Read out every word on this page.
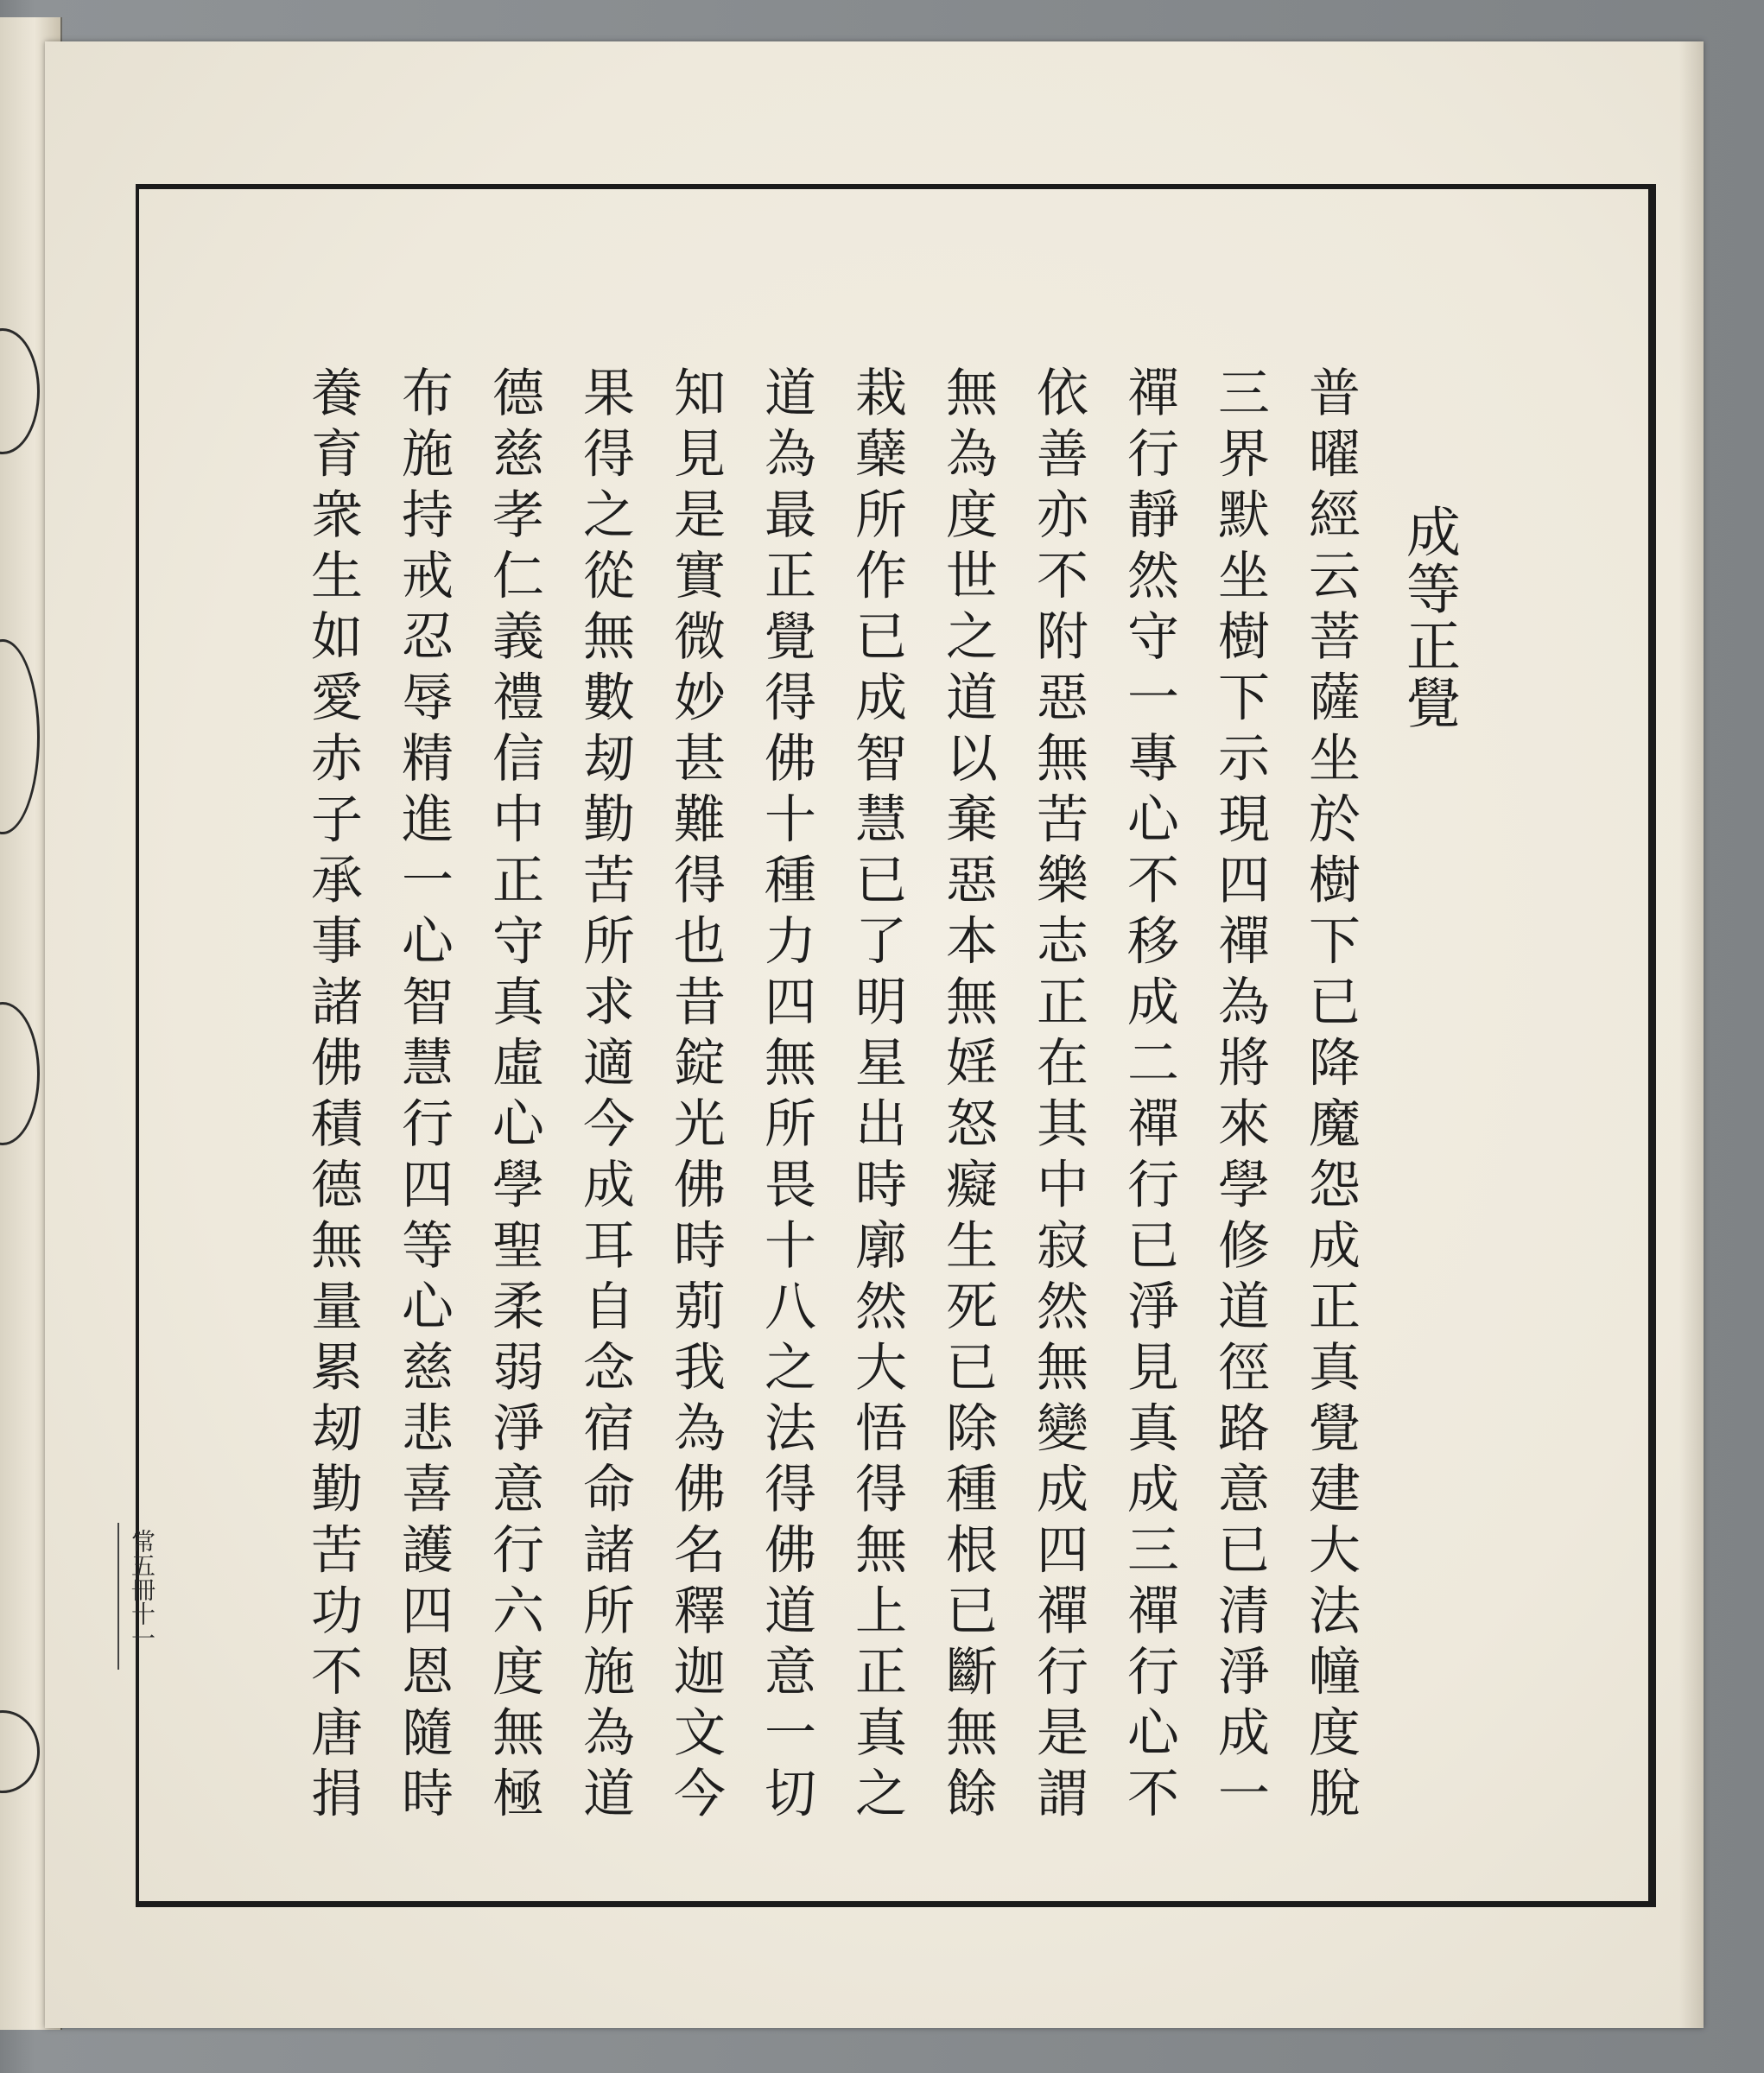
成等正覺
普曜經云菩薩坐於樹下已降魔怨成正真覺建大法幢度脫
三界默坐樹下示現四禪為將來學修道徑路意已清淨成一
禪行靜然守一專心不移成二禪行已淨見真成三禪行心不
依善亦不附惡無苦樂志正在其中寂然無變成四禪行是謂
無為度世之道以棄惡本無婬怒癡生死已除種根已斷無餘
栽蘖所作已成智慧已了明星出時廓然大悟得無上正真之
道為最正覺得佛十種力四無所畏十八之法得佛道意一切
知見是實微妙甚難得也昔錠光佛時莂我為佛名釋迦文今
果得之從無數刼勤苦所求適今成耳自念宿命諸所施為道
德慈孝仁義禮信中正守真虛心學聖柔弱淨意行六度無極
布施持戒忍辱精進一心智慧行四等心慈悲喜護四恩隨時
養育衆生如愛赤子承事諸佛積德無量累刼勤苦功不唐捐
常五冊十一
